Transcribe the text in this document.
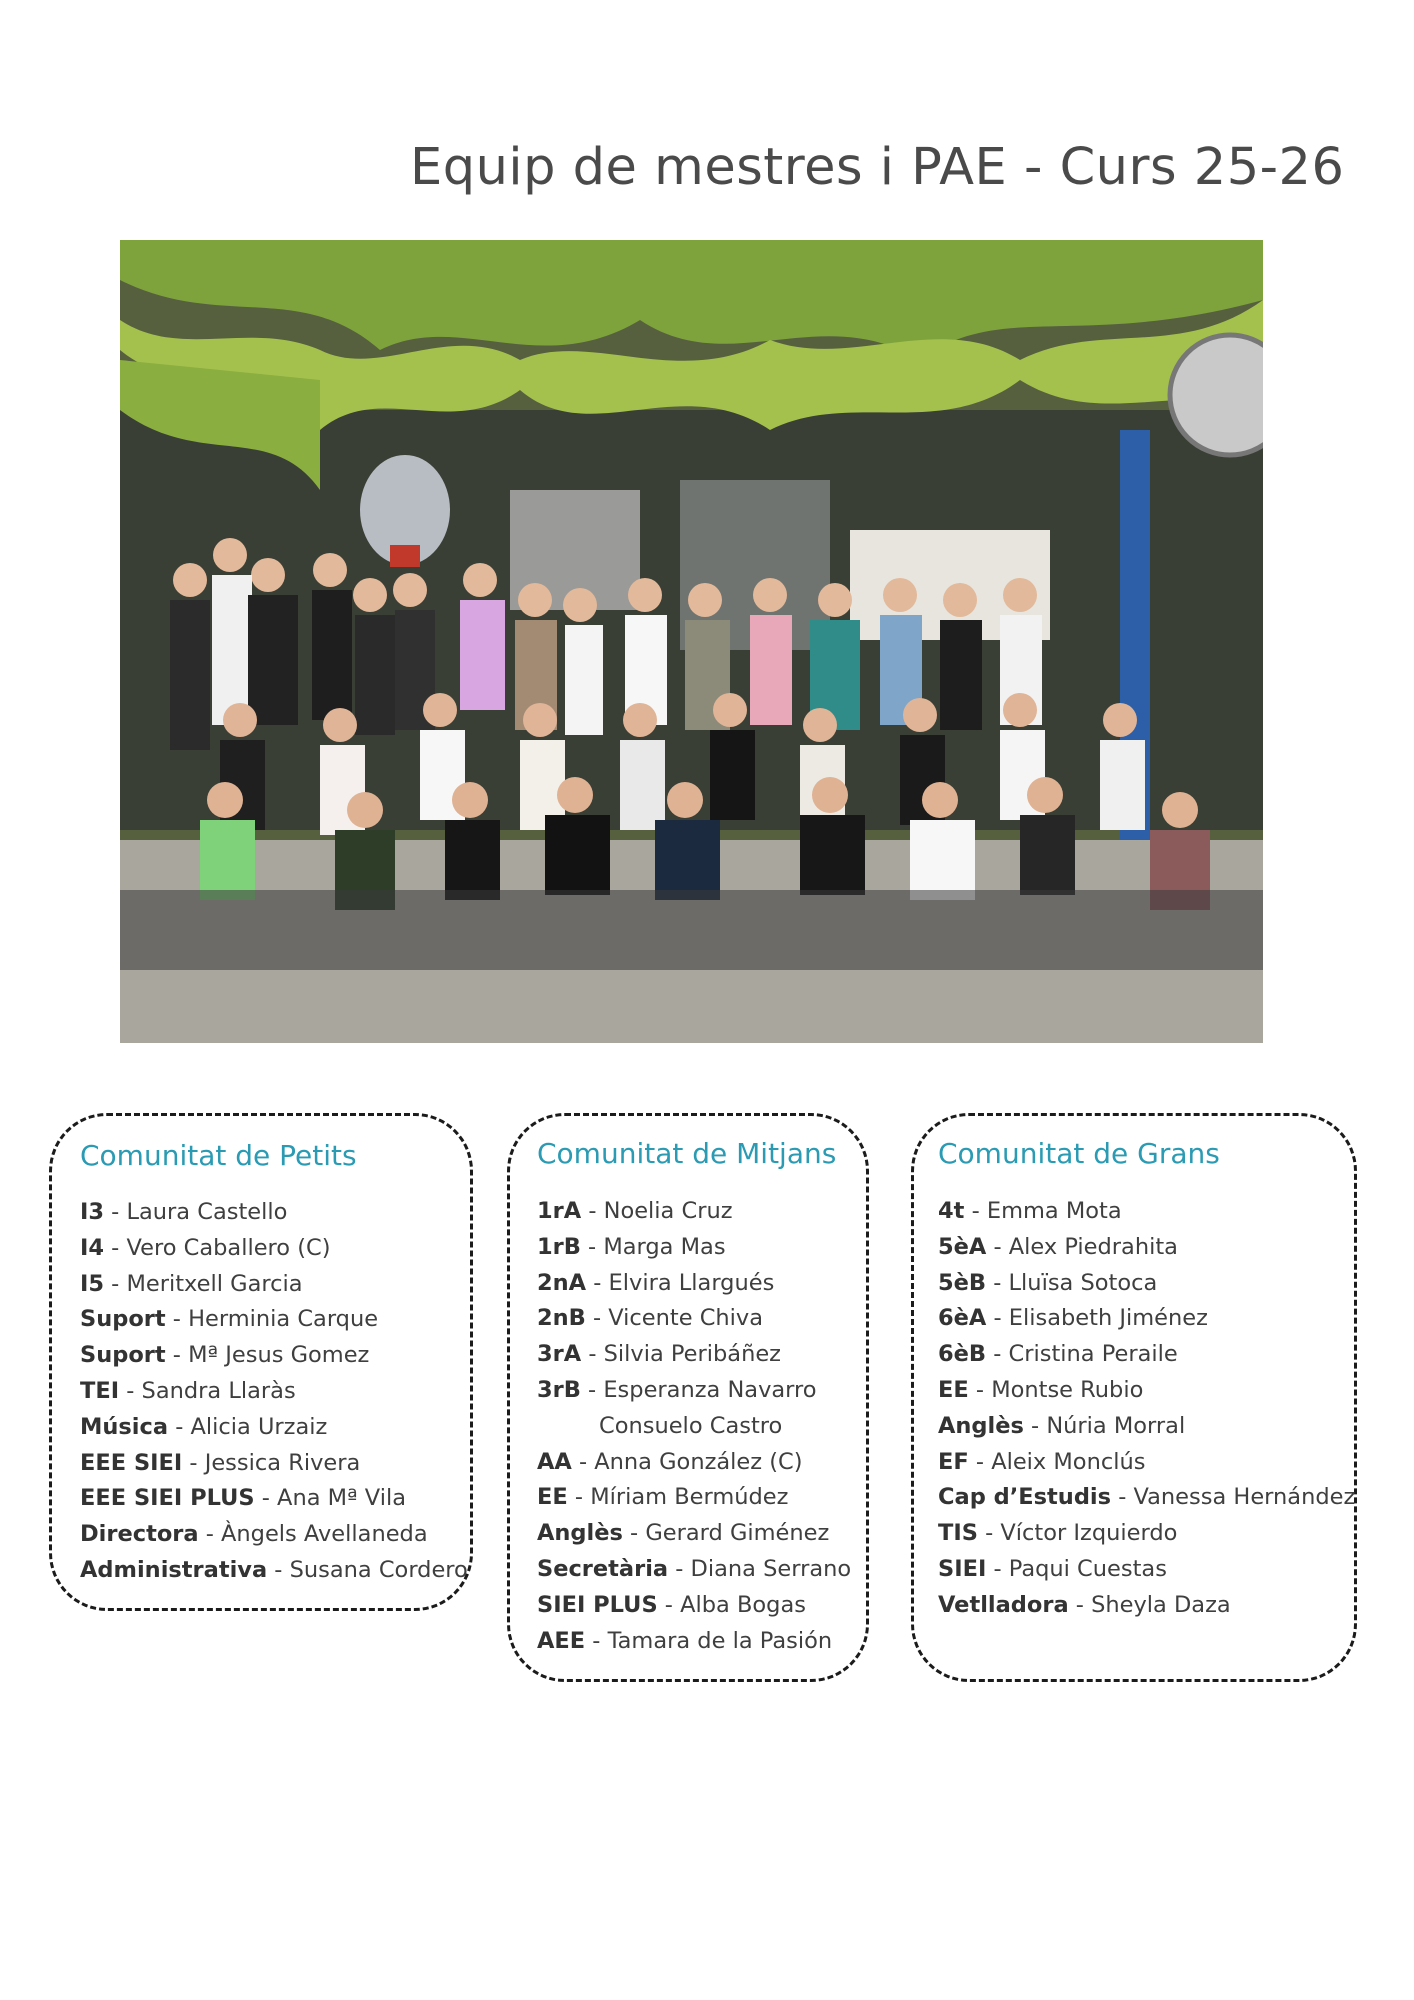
Equip de mestres i PAE - Curs 25-26
Comunitat de Petits
I3 - Laura Castello
I4 - Vero Caballero (C)
I5 - Meritxell Garcia
Suport - Herminia Carque
Suport - Mª Jesus Gomez
TEI - Sandra Llaràs
Música - Alicia Urzaiz
EEE SIEI - Jessica Rivera
EEE SIEI PLUS - Ana Mª Vila
Directora - Àngels Avellaneda
Administrativa - Susana Cordero
Comunitat de Mitjans
1rA - Noelia Cruz
1rB - Marga Mas
2nA - Elvira Llargués
2nB - Vicente Chiva
3rA - Silvia Peribáñez
3rB - Esperanza Navarro
Consuelo Castro
AA - Anna González (C)
EE - Míriam Bermúdez
Anglès - Gerard Giménez
Secretària - Diana Serrano
SIEI PLUS - Alba Bogas
AEE - Tamara de la Pasión
Comunitat de Grans
4t - Emma Mota
5èA - Alex Piedrahita
5èB - Lluïsa Sotoca
6èA - Elisabeth Jiménez
6èB - Cristina Peraile
EE - Montse Rubio
Anglès - Núria Morral
EF - Aleix Monclús
Cap d’Estudis - Vanessa Hernández
TIS - Víctor Izquierdo
SIEI - Paqui Cuestas
Vetlladora - Sheyla Daza
